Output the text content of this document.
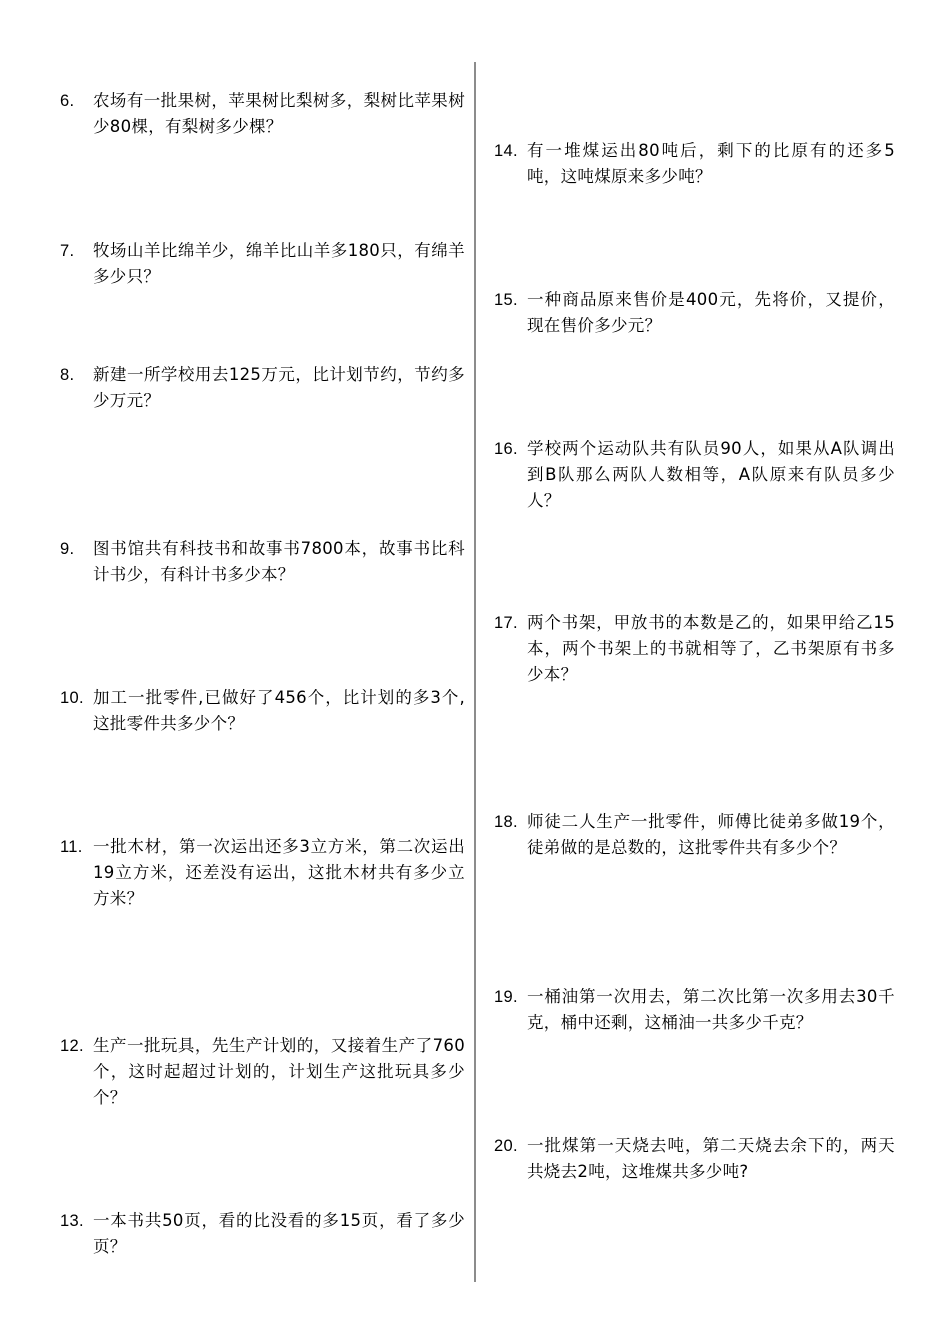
6. 农场有一批果树，苹果树比梨树多，梨树比苹果树少80棵，有梨树多少棵？
7. 牧场山羊比绵羊少，绵羊比山羊多180只，有绵羊多少只？
8. 新建一所学校用去125万元，比计划节约，节约多少万元？
9. 图书馆共有科技书和故事书7800本，故事书比科计书少，有科计书多少本？
10. 加工一批零件,已做好了456个，比计划的多3个,这批零件共多少个？
11. 一批木材，第一次运出还多3立方米，第二次运出19立方米，还差没有运出，这批木材共有多少立方米？
12. 生产一批玩具，先生产计划的，又接着生产了760个，这时起超过计划的，计划生产这批玩具多少个？
13. 一本书共50页，看的比没看的多15页，看了多少页？
14. 有一堆煤运出80吨后，剩下的比原有的还多5吨，这吨煤原来多少吨？
15. 一种商品原来售价是400元，先将价，又提价，现在售价多少元？
16. 学校两个运动队共有队员90人，如果从A队调出到B队那么两队人数相等，A队原来有队员多少人？
17. 两个书架，甲放书的本数是乙的，如果甲给乙15本，两个书架上的书就相等了，乙书架原有书多少本？
18. 师徒二人生产一批零件，师傅比徒弟多做19个，徒弟做的是总数的，这批零件共有多少个？
19. 一桶油第一次用去，第二次比第一次多用去30千克，桶中还剩，这桶油一共多少千克？
20. 一批煤第一天烧去吨，第二天烧去余下的，两天共烧去2吨，这堆煤共多少吨?
